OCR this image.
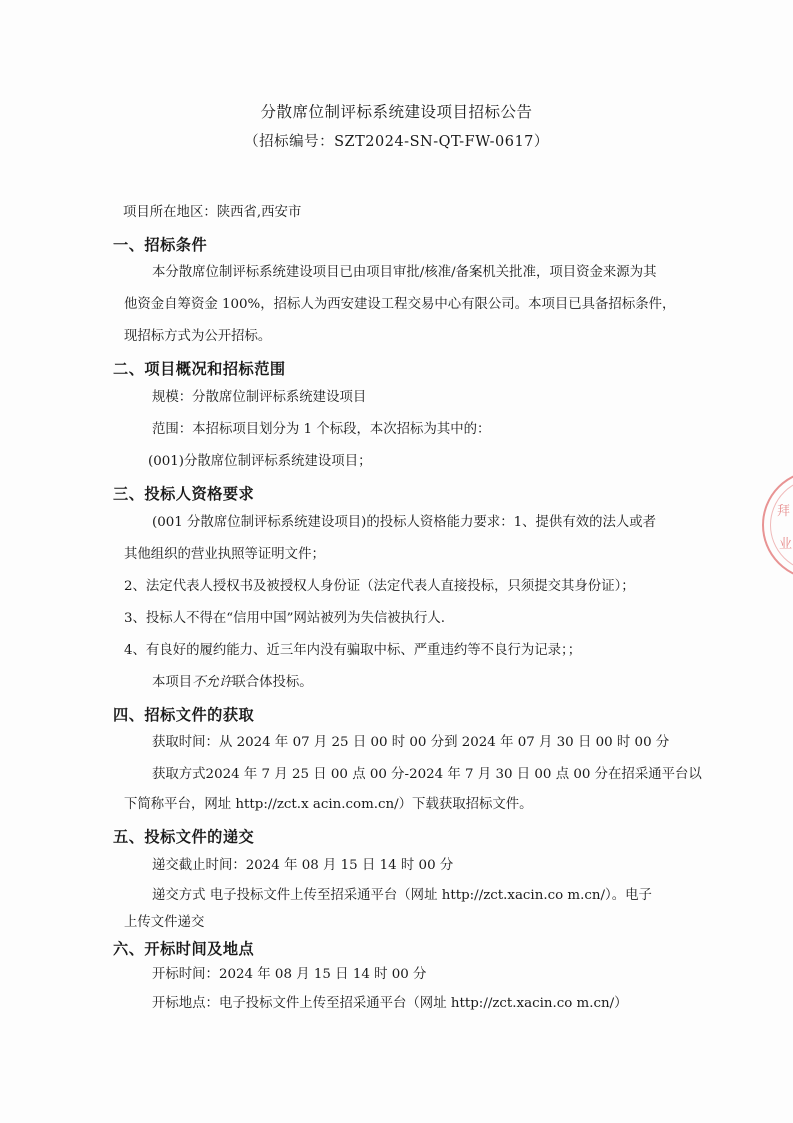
分散席位制评标系统建设项目招标公告
（招标编号：SZT2024-SN-QT-FW-0617）
项目所在地区：陕西省,西安市
一、招标条件
本分散席位制评标系统建设项目已由项目审批/核准/备案机关批准，项目资金来源为其
他资金自筹资金 100%，招标人为西安建设工程交易中心有限公司。本项目已具备招标条件，
现招标方式为公开招标。
二、项目概况和招标范围
规模：分散席位制评标系统建设项目
范围：本招标项目划分为 1 个标段，本次招标为其中的：
(001)分散席位制评标系统建设项目；
三、投标人资格要求
(001 分散席位制评标系统建设项目)的投标人资格能力要求：1、提供有效的法人或者
其他组织的营业执照等证明文件；
2、法定代表人授权书及被授权人身份证（法定代表人直接投标，只须提交其身份证）；
3、投标人不得在“信用中国”网站被列为失信被执行人.
4、有良好的履约能力、近三年内没有骗取中标、严重违约等不良行为记录；；
本项目不允许联合体投标。
四、招标文件的获取
获取时间：从 2024 年 07 月 25 日 00 时 00 分到 2024 年 07 月 30 日 00 时 00 分
获取方式2024 年 7 月 25 日 00 点 00 分-2024 年 7 月 30 日 00 点 00 分在招采通平台以
下简称平台，网址 http://zct.x acin.com.cn/）下载获取招标文件。
五、投标文件的递交
递交截止时间：2024 年 08 月 15 日 14 时 00 分
递交方式 电子投标文件上传至招采通平台（网址 http://zct.xacin.co m.cn/）。电子
上传文件递交
六、开标时间及地点
开标时间：2024 年 08 月 15 日 14 时 00 分
开标地点：电子投标文件上传至招采通平台（网址 http://zct.xacin.co m.cn/）
拜
业
